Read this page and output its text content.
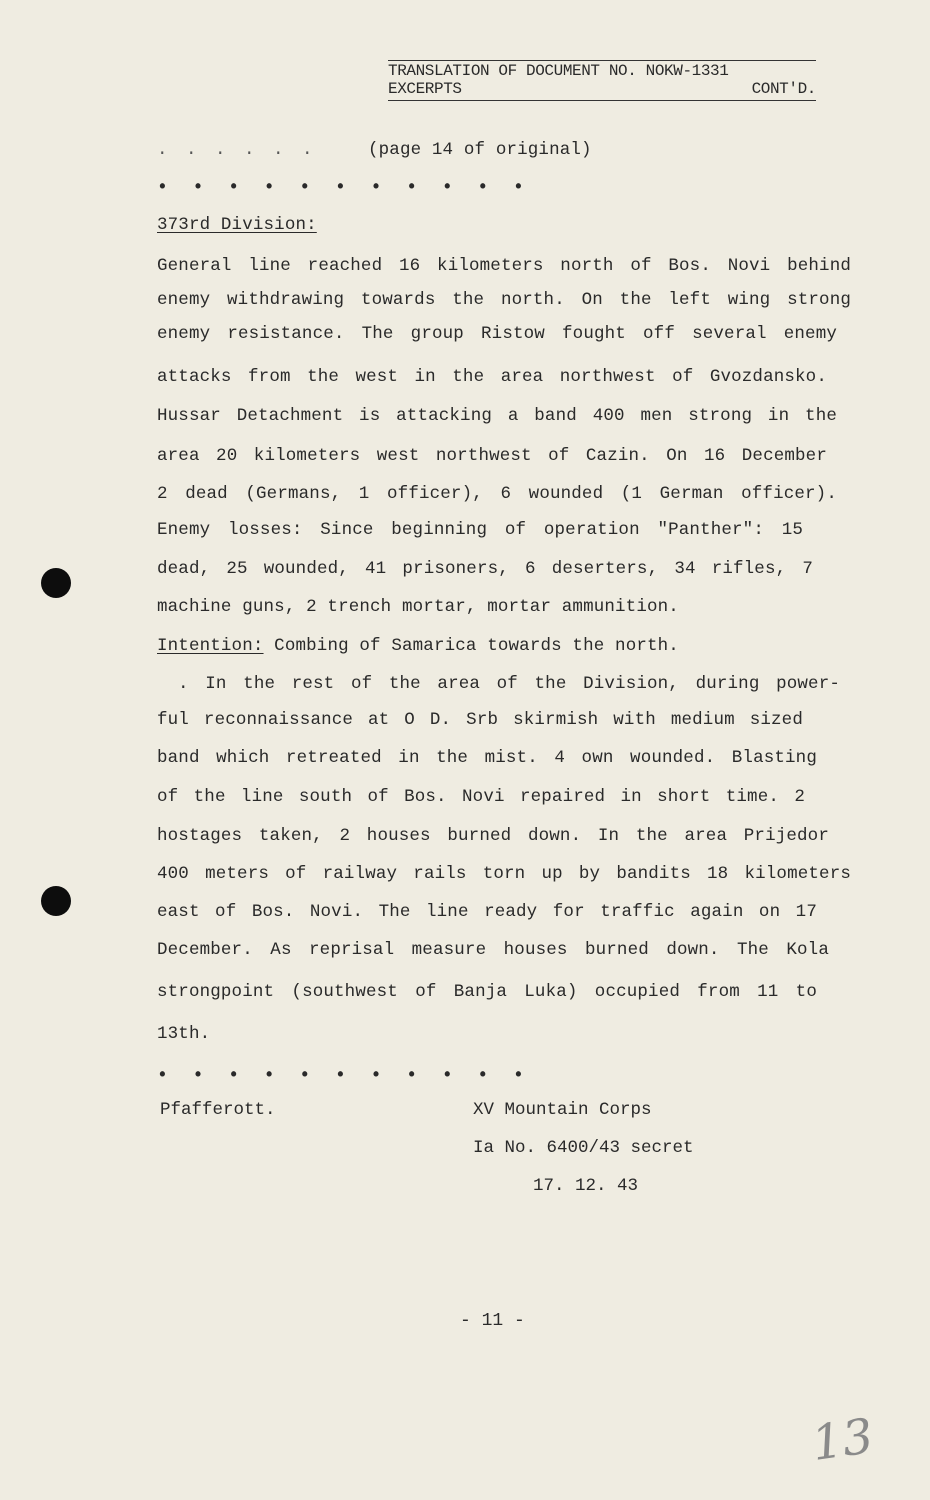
TRANSLATION OF DOCUMENT NO. NOKW-1331
EXCERPTS	CONT'D.
. . . . . .	(page 14 of original)
• • • • • • • • • • •
373rd Division:
General line reached 16 kilometers north of Bos. Novi behind
enemy withdrawing towards the north. On the left wing strong
enemy resistance. The group Ristow fought off several enemy
attacks from the west in the area northwest of Gvozdansko.
Hussar Detachment is attacking a band 400 men strong in the
area 20 kilometers west northwest of Cazin. On 16 December
2 dead (Germans, 1 officer), 6 wounded (1 German officer).
Enemy losses: Since beginning of operation "Panther": 15
dead, 25 wounded, 41 prisoners, 6 deserters, 34 rifles, 7
machine guns, 2 trench mortar, mortar ammunition.
Intention: Combing of Samarica towards the north.
. In the rest of the area of the Division, during power-
ful reconnaissance at O D. Srb skirmish with medium sized
band which retreated in the mist. 4 own wounded. Blasting
of the line south of Bos. Novi repaired in short time. 2
hostages taken, 2 houses burned down. In the area Prijedor
400 meters of railway rails torn up by bandits 18 kilometers
east of Bos. Novi. The line ready for traffic again on 17
December. As reprisal measure houses burned down. The Kola
strongpoint (southwest of Banja Luka) occupied from 11 to
13th.
• • • • • • • • • • •
Pfafferott.	XV Mountain Corps
Ia No. 6400/43 secret
17. 12. 43
- 11 -
13
